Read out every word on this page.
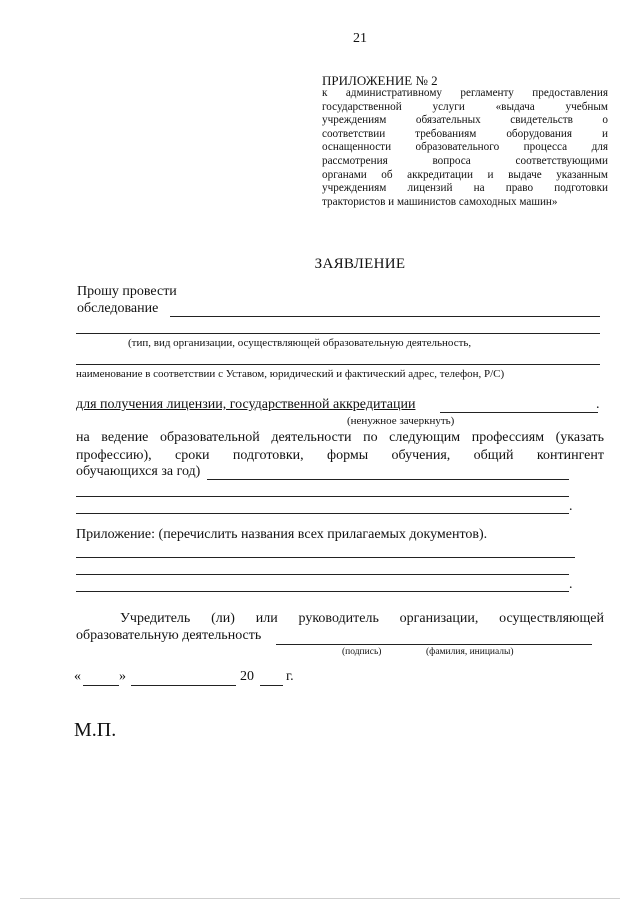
21
ПРИЛОЖЕНИЕ № 2
к административному регламенту предоставления
государственной услуги «выдача учебным
учреждениям обязательных свидетельств о
соответствии требованиям оборудования и
оснащенности образовательного процесса для
рассмотрения вопроса соответствующими
органами об аккредитации и выдаче указанным
учреждениям лицензий на право подготовки
трактористов и машинистов самоходных машин»
ЗАЯВЛЕНИЕ
Прошу провести
обследование
(тип, вид организации, осуществляющей образовательную деятельность,
наименование в соответствии с Уставом, юридический и фактический адрес, телефон, Р/С)
для получения лицензии, государственной аккредитации	.
(ненужное зачеркнуть)
на ведение образовательной деятельности по следующим профессиям (указать
профессию), сроки подготовки, формы обучения, общий контингент
обучающихся за год)
.
Приложение: (перечислить названия всех прилагаемых документов).
.
Учредитель (ли) или руководитель организации, осуществляющей
образовательную деятельность
(подпись)	(фамилия, инициалы)
«	»	20 г.
М.П.
